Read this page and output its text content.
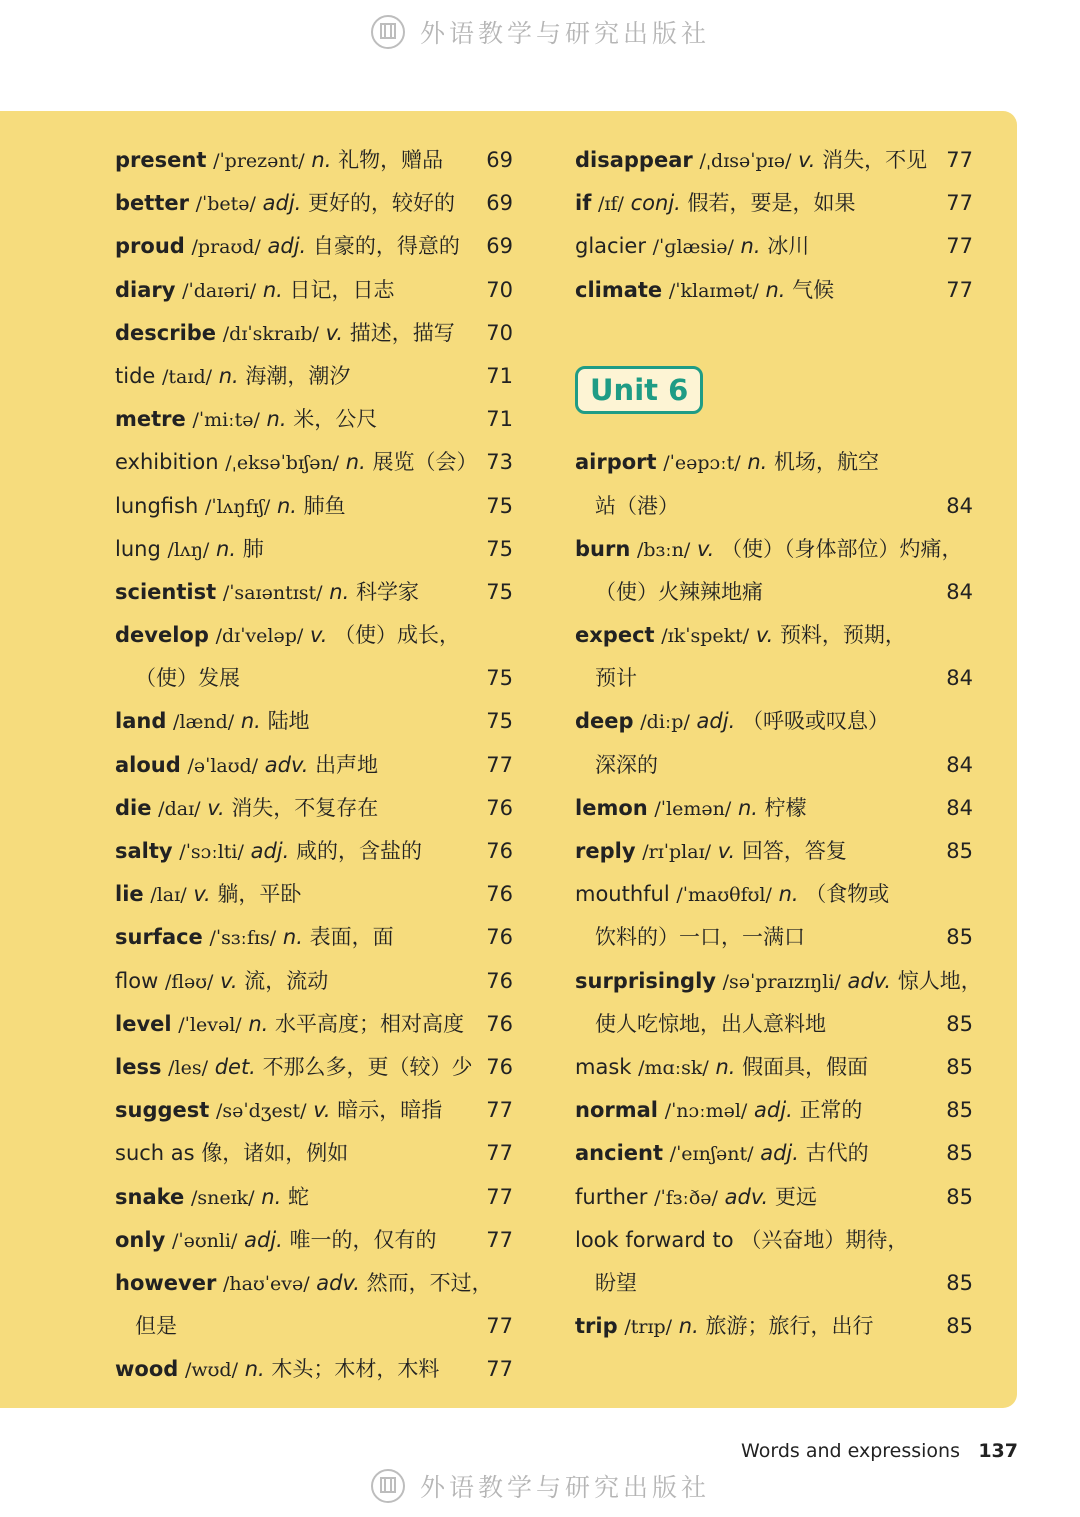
外语教学与研究出版社
present /ˈprezənt/ n. 礼物，赠品 69
better /ˈbetə/ adj. 更好的，较好的 69
proud /praʊd/ adj. 自豪的，得意的 69
diary /ˈdaɪəri/ n. 日记，日志	70
describe /dɪˈskraɪb/ v. 描述，描写 70
tide /taɪd/ n. 海潮，潮汐	71
metre /ˈmiːtə/ n. 米，公尺	71
exhibition /ˌeksəˈbɪʃən/ n. 展览（会） 73
lungfish /ˈlʌŋfɪʃ/ n. 肺鱼	75
lung /lʌŋ/ n. 肺	75
scientist /ˈsaɪəntɪst/ n. 科学家	75
develop /dɪˈveləp/ v. （使）成长，
（使）发展	75
land /lænd/ n. 陆地	75
aloud /əˈlaʊd/ adv. 出声地	77
die /daɪ/ v. 消失，不复存在	76
salty /ˈsɔːlti/ adj. 咸的，含盐的	76
lie /laɪ/ v. 躺，平卧	76
surface /ˈsɜːfɪs/ n. 表面，面	76
flow /fləʊ/ v. 流，流动	76
level /ˈlevəl/ n. 水平高度；相对高度 76
less /les/ det. 不那么多，更（较）少 76
suggest /səˈdʒest/ v. 暗示，暗指 77
such as 像，诸如，例如	77
snake /sneɪk/ n. 蛇	77
only /ˈəʊnli/ adj. 唯一的，仅有的 77
however /haʊˈevə/ adv. 然而，不过，
但是	77
wood /wʊd/ n. 木头；木材，木料 77
disappear /ˌdɪsəˈpɪə/ v. 消失，不见 77
if /ɪf/ conj. 假若，要是，如果	77
glacier /ˈɡlæsiə/ n. 冰川	77
climate /ˈklaɪmət/ n. 气候	77
Unit 6
airport /ˈeəpɔːt/ n. 机场，航空
站（港）	84
burn /bɜːn/ v. （使）（身体部位）灼痛，
（使）火辣辣地痛	84
expect /ɪkˈspekt/ v. 预料，预期，
预计	84
deep /diːp/ adj. （呼吸或叹息）
深深的	84
lemon /ˈlemən/ n. 柠檬	84
reply /rɪˈplaɪ/ v. 回答，答复	85
mouthful /ˈmaʊθfʊl/ n. （食物或
饮料的）一口，一满口	85
surprisingly /səˈpraɪzɪŋli/ adv. 惊人地，
使人吃惊地，出人意料地	85
mask /mɑːsk/ n. 假面具，假面	85
normal /ˈnɔːməl/ adj. 正常的	85
ancient /ˈeɪnʃənt/ adj. 古代的	85
further /ˈfɜːðə/ adv. 更远	85
look forward to （兴奋地）期待，
盼望	85
trip /trɪp/ n. 旅游；旅行，出行	85
Words and expressions 137
外语教学与研究出版社
